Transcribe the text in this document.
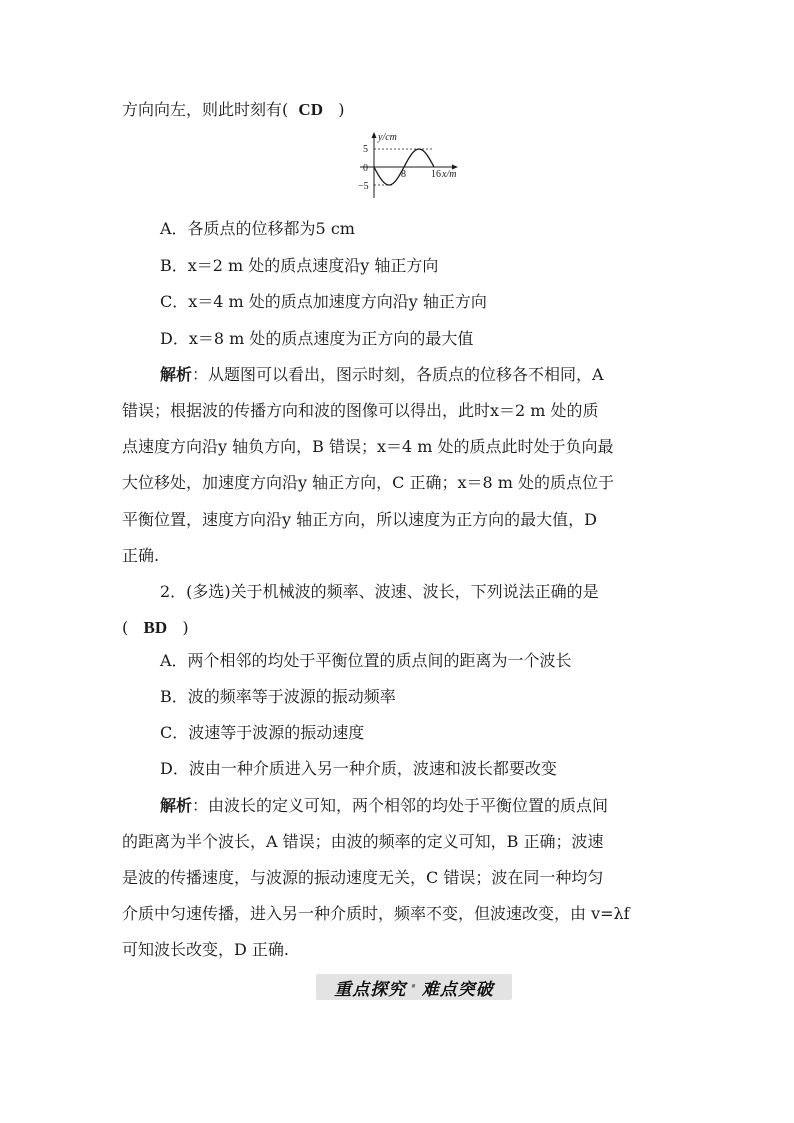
方向向左，则此时刻有( CD )
y/cm
x/m
5
0
−5
8	16
A．各质点的位移都为5 cm
B．x＝2 m 处的质点速度沿y 轴正方向
C．x＝4 m 处的质点加速度方向沿y 轴正方向
D．x＝8 m 处的质点速度为正方向的最大值
解析：从题图可以看出，图示时刻，各质点的位移各不相同，A
错误；根据波的传播方向和波的图像可以得出，此时x＝2 m 处的质
点速度方向沿y 轴负方向，B 错误；x＝4 m 处的质点此时处于负向最
大位移处，加速度方向沿y 轴正方向，C 正确；x＝8 m 处的质点位于
平衡位置，速度方向沿y 轴正方向，所以速度为正方向的最大值，D
正确.
2．(多选)关于机械波的频率、波速、波长，下列说法正确的是
( BD )
A．两个相邻的均处于平衡位置的质点间的距离为一个波长
B．波的频率等于波源的振动频率
C．波速等于波源的振动速度
D．波由一种介质进入另一种介质，波速和波长都要改变
解析：由波长的定义可知，两个相邻的均处于平衡位置的质点间
的距离为半个波长，A 错误；由波的频率的定义可知，B 正确；波速
是波的传播速度，与波源的振动速度无关，C 错误；波在同一种均匀
介质中匀速传播，进入另一种介质时，频率不变，但波速改变，由 v=λf
可知波长改变，D 正确.
重点探究 · 难点突破
